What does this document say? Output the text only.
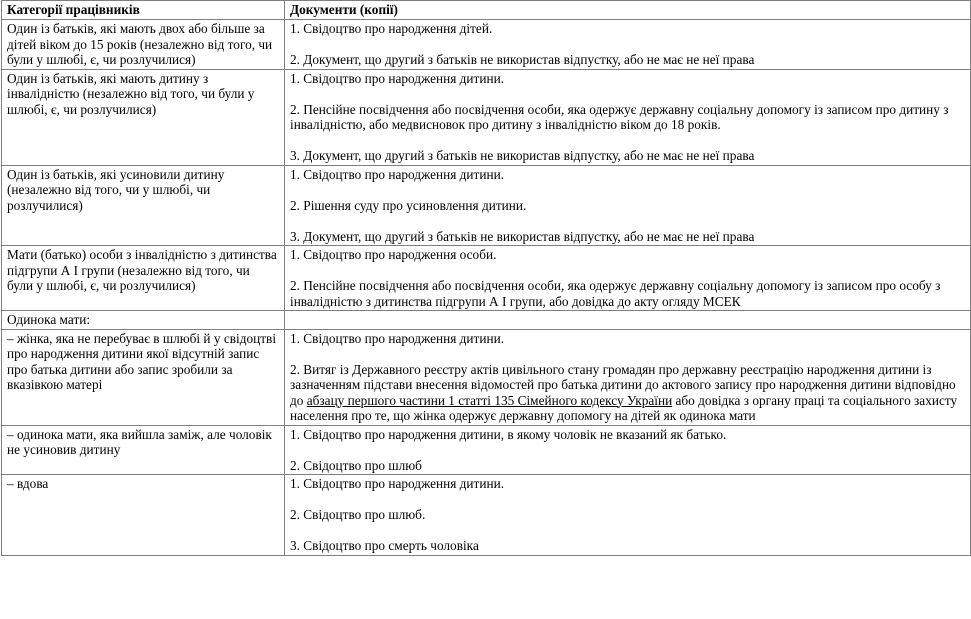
Категорії працівників	Документи (копії)
Один із батьків, які мають двох або більше за дітей віком до 15 років (незалежно від того, чи були у шлюбі, є, чи розлучилися)	1. Свідоцтво про народження дітей.
2. Документ, що другий з батьків не використав відпустку, або не має не неї права

Один із батьків, які мають дитину з інвалідністю (незалежно від того, чи були у шлюбі, є, чи розлучилися)	1. Свідоцтво про народження дитини.
2. Пенсійне посвідчення або посвідчення особи, яка одержує державну соціальну допомогу із записом про дитину з інвалідністю, або медвисновок про дитину з інвалідністю віком до 18 років.
3. Документ, що другий з батьків не використав відпустку, або не має не неї права

Один із батьків, які усиновили дитину (незалежно від того, чи у шлюбі, чи розлучилися)	1. Свідоцтво про народження дитини.
2. Рішення суду про усиновлення дитини.
3. Документ, що другий з батьків не використав відпустку, або не має не неї права

Мати (батько) особи з інвалідністю з дитинства підгрупи А I групи (незалежно від того, чи були у шлюбі, є, чи розлучилися)	1. Свідоцтво про народження особи.
2. Пенсійне посвідчення або посвідчення особи, яка одержує державну соціальну допомогу із записом про особу з інвалідністю з дитинства підгрупи А I групи, або довідка до акту огляду МСЕК

Одинока мати:	
– жінка, яка не перебуває в шлюбі й у свідоцтві про народження дитини якої відсутній запис про батька дитини або запис зробили за вказівкою матері	1. Свідоцтво про народження дитини.
2. Витяг із Державного реєстру актів цивільного стану громадян про державну реєстрацію народження дитини із зазначенням підстави внесення відомостей про батька дитини до актового запису про народження дитини відповідно до абзацу першого частини 1 статті 135 Сімейного кодексу України або довідка з органу праці та соціального захисту населення про те, що жінка одержує державну допомогу на дітей як одинока мати

– одинока мати, яка вийшла заміж, але чоловік не усиновив дитину	1. Свідоцтво про народження дитини, в якому чоловік не вказаний як батько.
2. Свідоцтво про шлюб

– вдова	1. Свідоцтво про народження дитини.
2. Свідоцтво про шлюб.
3. Свідоцтво про смерть чоловіка
